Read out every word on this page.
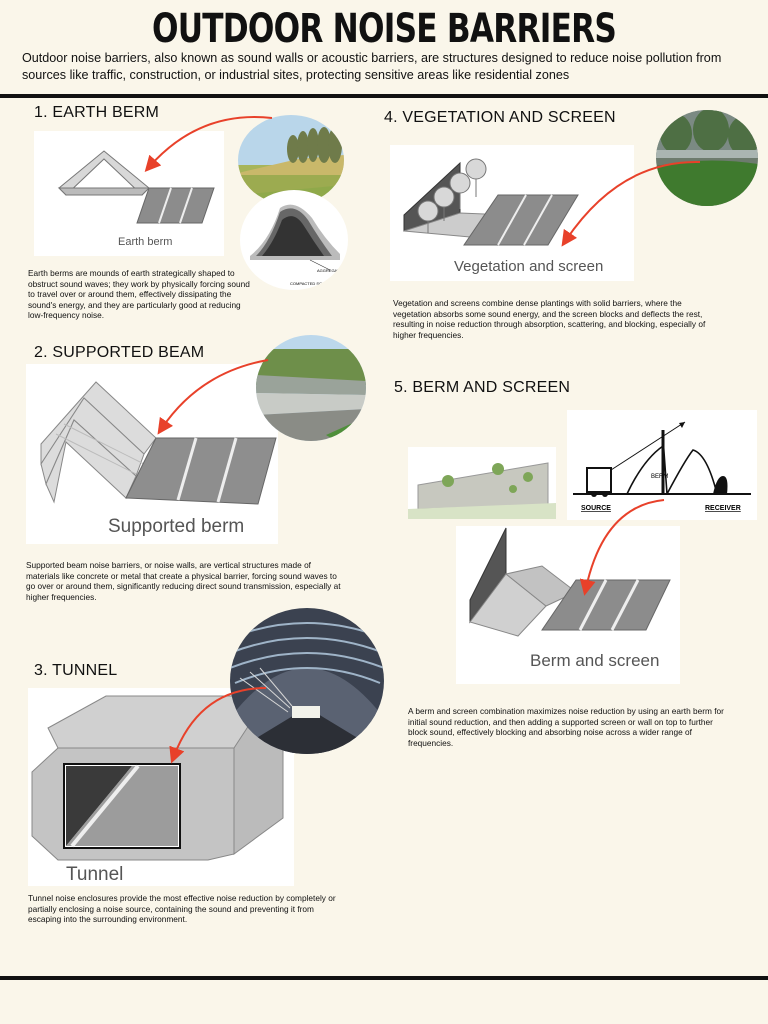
OUTDOOR NOISE BARRIERS

Outdoor noise barriers, also known as sound walls or acoustic barriers, are structures designed to reduce noise pollution from sources like traffic, construction, or industrial sites, protecting sensitive areas like residential zones

1. EARTH BERM
Earth berm
AGGREGATE
COMPACTED SOIL

Earth berms are mounds of earth strategically shaped to obstruct sound waves; they work by physically forcing sound to travel over or around them, effectively dissipating the sound's energy, and they are particularly good at reducing low-frequency noise.

2. SUPPORTED BEAM
Supported berm

Supported beam noise barriers, or noise walls, are vertical structures made of materials like concrete or metal that create a physical barrier, forcing sound waves to go over or around them, significantly reducing direct sound transmission, especially at higher frequencies.

3. TUNNEL
Tunnel

Tunnel noise enclosures provide the most effective noise reduction by completely or partially enclosing a noise source, containing the sound and preventing it from escaping into the surrounding environment.

4. VEGETATION AND SCREEN
Vegetation and screen

Vegetation and screens combine dense plantings with solid barriers, where the vegetation absorbs some sound energy, and the screen blocks and deflects the rest, resulting in noise reduction through absorption, scattering, and blocking, especially of higher frequencies.

5. BERM AND SCREEN
BERM
SOURCE	RECEIVER
Berm and screen

A berm and screen combination maximizes noise reduction by using an earth berm for initial sound reduction, and then adding a supported screen or wall on top to further block sound, effectively blocking and absorbing noise across a wider range of frequencies.
